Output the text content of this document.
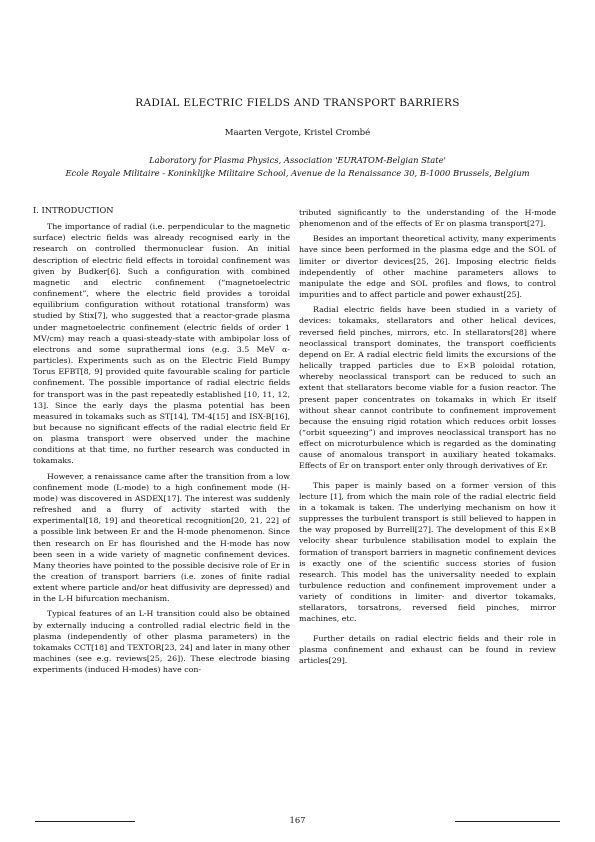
RADIAL ELECTRIC FIELDS AND TRANSPORT BARRIERS
Maarten Vergote, Kristel Crombé
Laboratory for Plasma Physics, Association 'EURATOM-Belgian State'
Ecole Royale Militaire - Koninklijke Militaire School, Avenue de la Renaissance 30, B-1000 Brussels, Belgium
I. INTRODUCTION

The importance of radial (i.e. perpendicular to the magnetic surface) electric fields was already recognised early in the research on controlled thermonuclear fusion. An initial description of electric field effects in toroidal confinement was given by Budker[6]. Such a configuration with combined magnetic and electric confinement (“magnetoelectric confinement”, where the electric field provides a toroidal equilibrium configuration without rotational transform) was studied by Stix[7], who suggested that a reactor-grade plasma under magnetoelectric confinement (electric fields of order 1 MV/cm) may reach a quasi-steady-state with ambipolar loss of electrons and some suprathermal ions (e.g. 3.5 MeV α-particles). Experiments such as on the Electric Field Bumpy Torus EFBT[8, 9] provided quite favourable scaling for particle confinement. The possible importance of radial electric fields for transport was in the past repeatedly established [10, 11, 12, 13]. Since the early days the plasma potential has been measured in tokamaks such as ST[14], TM-4[15] and ISX-B[16], but because no significant effects of the radial electric field Er on plasma transport were observed under the machine conditions at that time, no further research was conducted in tokamaks.

However, a renaissance came after the transition from a low confinement mode (L-mode) to a high confinement mode (H-mode) was discovered in ASDEX[17]. The interest was suddenly refreshed and a flurry of activity started with the experimental[18, 19] and theoretical recognition[20, 21, 22] of a possible link between Er and the H-mode phenomenon. Since then research on Er has flourished and the H-mode has now been seen in a wide variety of magnetic confinement devices. Many theories have pointed to the possible decisive role of Er in the creation of transport barriers (i.e. zones of finite radial extent where particle and/or heat diffusivity are depressed) and in the L-H bifurcation mechanism.

Typical features of an L-H transition could also be obtained by externally inducing a controlled radial electric field in the plasma (independently of other plasma parameters) in the tokamaks CCT[18] and TEXTOR[23, 24] and later in many other machines (see e.g. reviews[25, 26]). These electrode biasing experiments (induced H-modes) have con-

tributed significantly to the understanding of the H-mode phenomenon and of the effects of Er on plasma transport[27].

Besides an important theoretical activity, many experiments have since been performed in the plasma edge and the SOL of limiter or divertor devices[25, 26]. Imposing electric fields independently of other machine parameters allows to manipulate the edge and SOL profiles and flows, to control impurities and to affect particle and power exhaust[25].

Radial electric fields have been studied in a variety of devices: tokamaks, stellarators and other helical devices, reversed field pinches, mirrors, etc. In stellarators[28] where neoclassical transport dominates, the transport coefficients depend on Er. A radial electric field limits the excursions of the helically trapped particles due to E×B poloidal rotation, whereby neoclassical transport can be reduced to such an extent that stellarators become viable for a fusion reactor. The present paper concentrates on tokamaks in which Er itself without shear cannot contribute to confinement improvement because the ensuing rigid rotation which reduces orbit losses (“orbit squeezing”) and improves neoclassical transport has no effect on microturbulence which is regarded as the dominating cause of anomalous transport in auxiliary heated tokamaks. Effects of Er on transport enter only through derivatives of Er.

This paper is mainly based on a former version of this lecture [1], from which the main role of the radial electric field in a tokamak is taken. The underlying mechanism on how it suppresses the turbulent transport is still believed to happen in the way proposed by Burrell[27]. The development of this E×B velocity shear turbulence stabilisation model to explain the formation of transport barriers in magnetic confinement devices is exactly one of the scientific success stories of fusion research. This model has the universality needed to explain turbulence reduction and confinement improvement under a variety of conditions in limiter- and divertor tokamaks, stellarators, torsatrons, reversed field pinches, mirror machines, etc.

Further details on radial electric fields and their role in plasma confinement and exhaust can be found in review articles[29].

167
